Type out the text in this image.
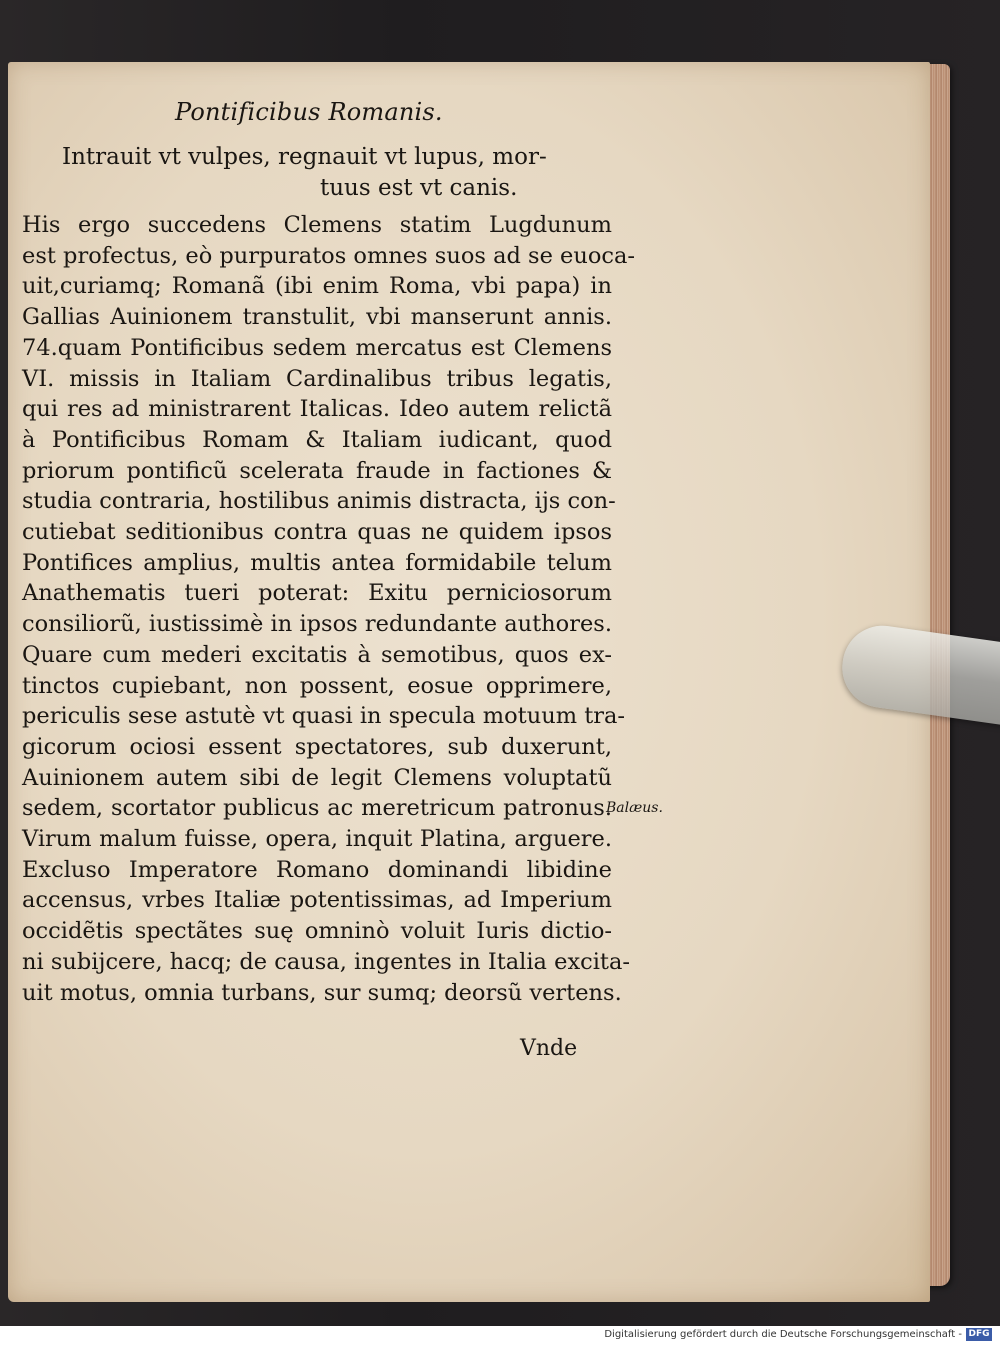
Pontificibus Romanis.
Intrauit vt vulpes, regnauit vt lupus, mor-
tuus est vt canis.
His ergo succedens Clemens statim Lugdunum
est profectus, eò purpuratos omnes suos ad se euoca-
uit,curiamq; Romanã (ibi enim Roma, vbi papa) in
Gallias Auinionem transtulit, vbi manserunt annis.
74.quam Pontificibus sedem mercatus est Clemens
VI. missis in Italiam Cardinalibus tribus legatis,
qui res ad ministrarent Italicas. Ideo autem relictã
à Pontificibus Romam & Italiam iudicant, quod
priorum pontificũ scelerata fraude in factiones &
studia contraria, hostilibus animis distracta, ijs con-
cutiebat seditionibus contra quas ne quidem ipsos
Pontifices amplius, multis antea formidabile telum
Anathematis tueri poterat: Exitu perniciosorum
consiliorũ, iustissimè in ipsos redundante authores.
Quare cum mederi excitatis à semotibus, quos ex-
tinctos cupiebant, non possent, eosue opprimere,
periculis sese astutè vt quasi in specula motuum tra-
gicorum ociosi essent spectatores, sub duxerunt,
Auinionem autem sibi de legit Clemens voluptatũ
sedem, scortator publicus ac meretricum patronus.
Virum malum fuisse, opera, inquit Platina, arguere.
Excluso Imperatore Romano dominandi libidine
accensus, vrbes Italiæ potentissimas, ad Imperium
occidẽtis spectãtes suę omninò voluit Iuris dictio-
ni subijcere, hacq; de causa, ingentes in Italia excita-
uit motus, omnia turbans, sur sumq; deorsũ vertens.
Balæus.
Vnde
Digitalisierung gefördert durch die Deutsche Forschungsgemeinschaft - DFG
